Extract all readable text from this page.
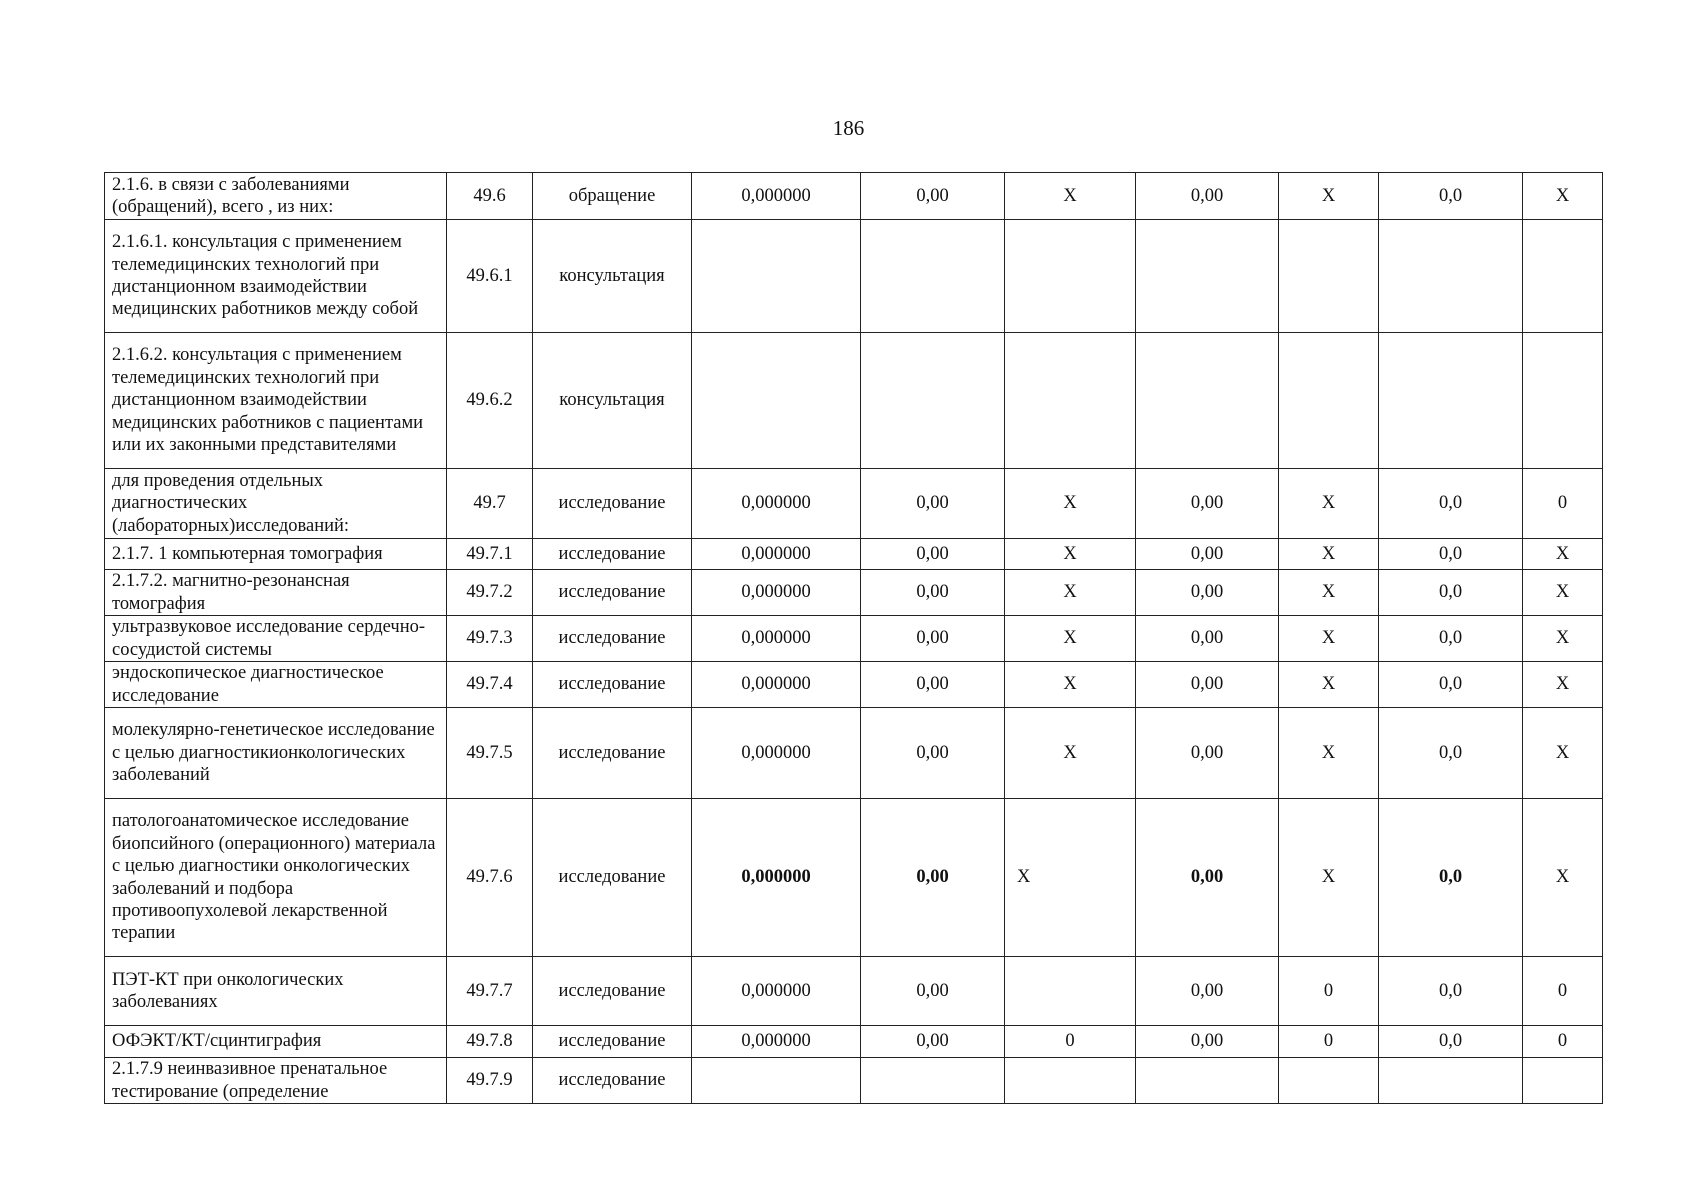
186
2.1.6. в связи с заболеваниями (обращений), всего , из них:	49.6	обращение	0,000000	0,00	X	0,00	X	0,0	X
2.1.6.1. консультация с применением телемедицинских технологий при дистанционном взаимодействии медицинских работников между собой	49.6.1	консультация							
2.1.6.2. консультация с применением телемедицинских технологий при дистанционном взаимодействии медицинских работников с пациентами или их законными представителями	49.6.2	консультация							
для проведения отдельных диагностических (лабораторных)исследований:	49.7	исследование	0,000000	0,00	X	0,00	X	0,0	0
2.1.7. 1 компьютерная томография	49.7.1	исследование	0,000000	0,00	X	0,00	X	0,0	X
2.1.7.2. магнитно-резонансная томография	49.7.2	исследование	0,000000	0,00	X	0,00	X	0,0	X
ультразвуковое исследование сердечно-сосудистой системы	49.7.3	исследование	0,000000	0,00	X	0,00	X	0,0	X
эндоскопическое диагностическое исследование	49.7.4	исследование	0,000000	0,00	X	0,00	X	0,0	X
молекулярно-генетическое исследование с целью диагностикионкологических заболеваний	49.7.5	исследование	0,000000	0,00	X	0,00	X	0,0	X
патологоанатомическое исследование биопсийного (операционного) материала с целью диагностики онкологических заболеваний и подбора противоопухолевой лекарственной терапии	49.7.6	исследование	0,000000	0,00	X	0,00	X	0,0	X
ПЭТ-КТ при онкологических заболеваниях	49.7.7	исследование	0,000000	0,00		0,00	0	0,0	0
ОФЭКТ/КТ/сцинтиграфия	49.7.8	исследование	0,000000	0,00	0	0,00	0	0,0	0
2.1.7.9 неинвазивное пренатальное тестирование (определение	49.7.9	исследование							
